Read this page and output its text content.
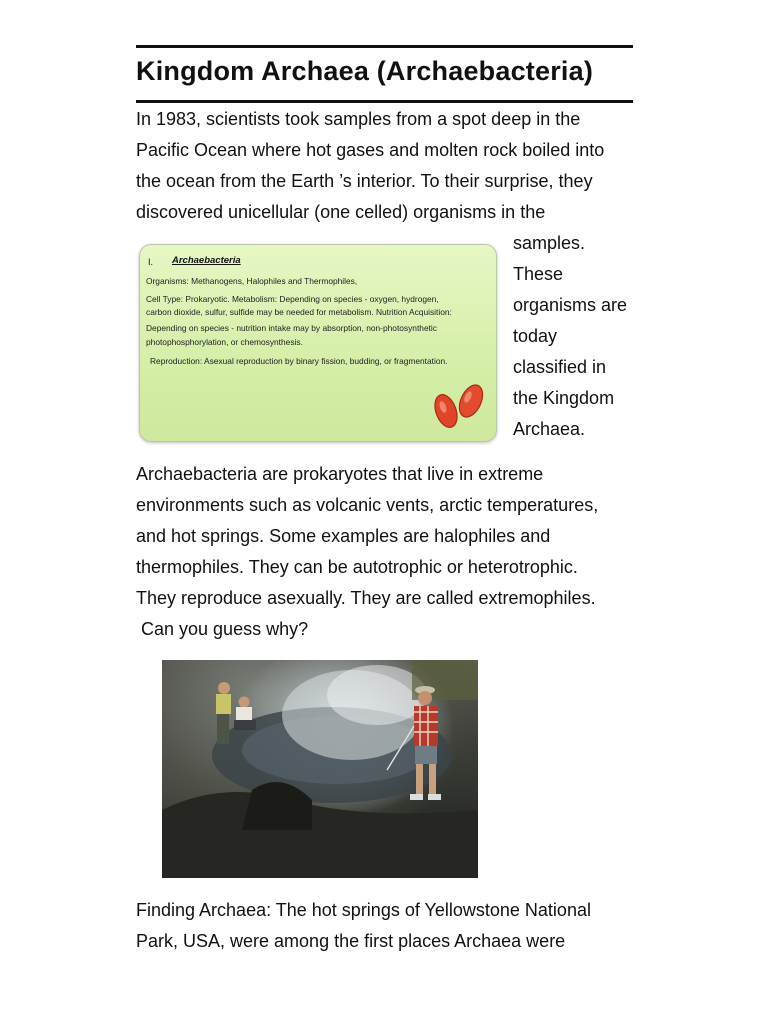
Kingdom Archaea (Archaebacteria)
In 1983, scientists took samples from a spot deep in the
Pacific Ocean where hot gases and molten rock boiled into
the ocean from the Earth ’s interior. To their surprise, they
discovered unicellular (one celled) organisms in the
samples.
These
organisms are
today
classified in
the Kingdom
Archaea.
I. Archaebacteria
Organisms: Methanogens, Halophiles and Thermophiles,
Cell Type: Prokaryotic. Metabolism: Depending on species - oxygen, hydrogen,
carbon dioxide, sulfur, sulfide may be needed for metabolism. Nutrition Acquisition:
Depending on species - nutrition intake may by absorption, non-photosynthetic
photophosphorylation, or chemosynthesis.
Reproduction: Asexual reproduction by binary fission, budding, or fragmentation.
Archaebacteria are prokaryotes that live in extreme
environments such as volcanic vents, arctic temperatures,
and hot springs. Some examples are halophiles and
thermophiles. They can be autotrophic or heterotrophic.
They reproduce asexually. They are called extremophiles.
Can you guess why?
Finding Archaea: The hot springs of Yellowstone National
Park, USA, were among the first places Archaea were
